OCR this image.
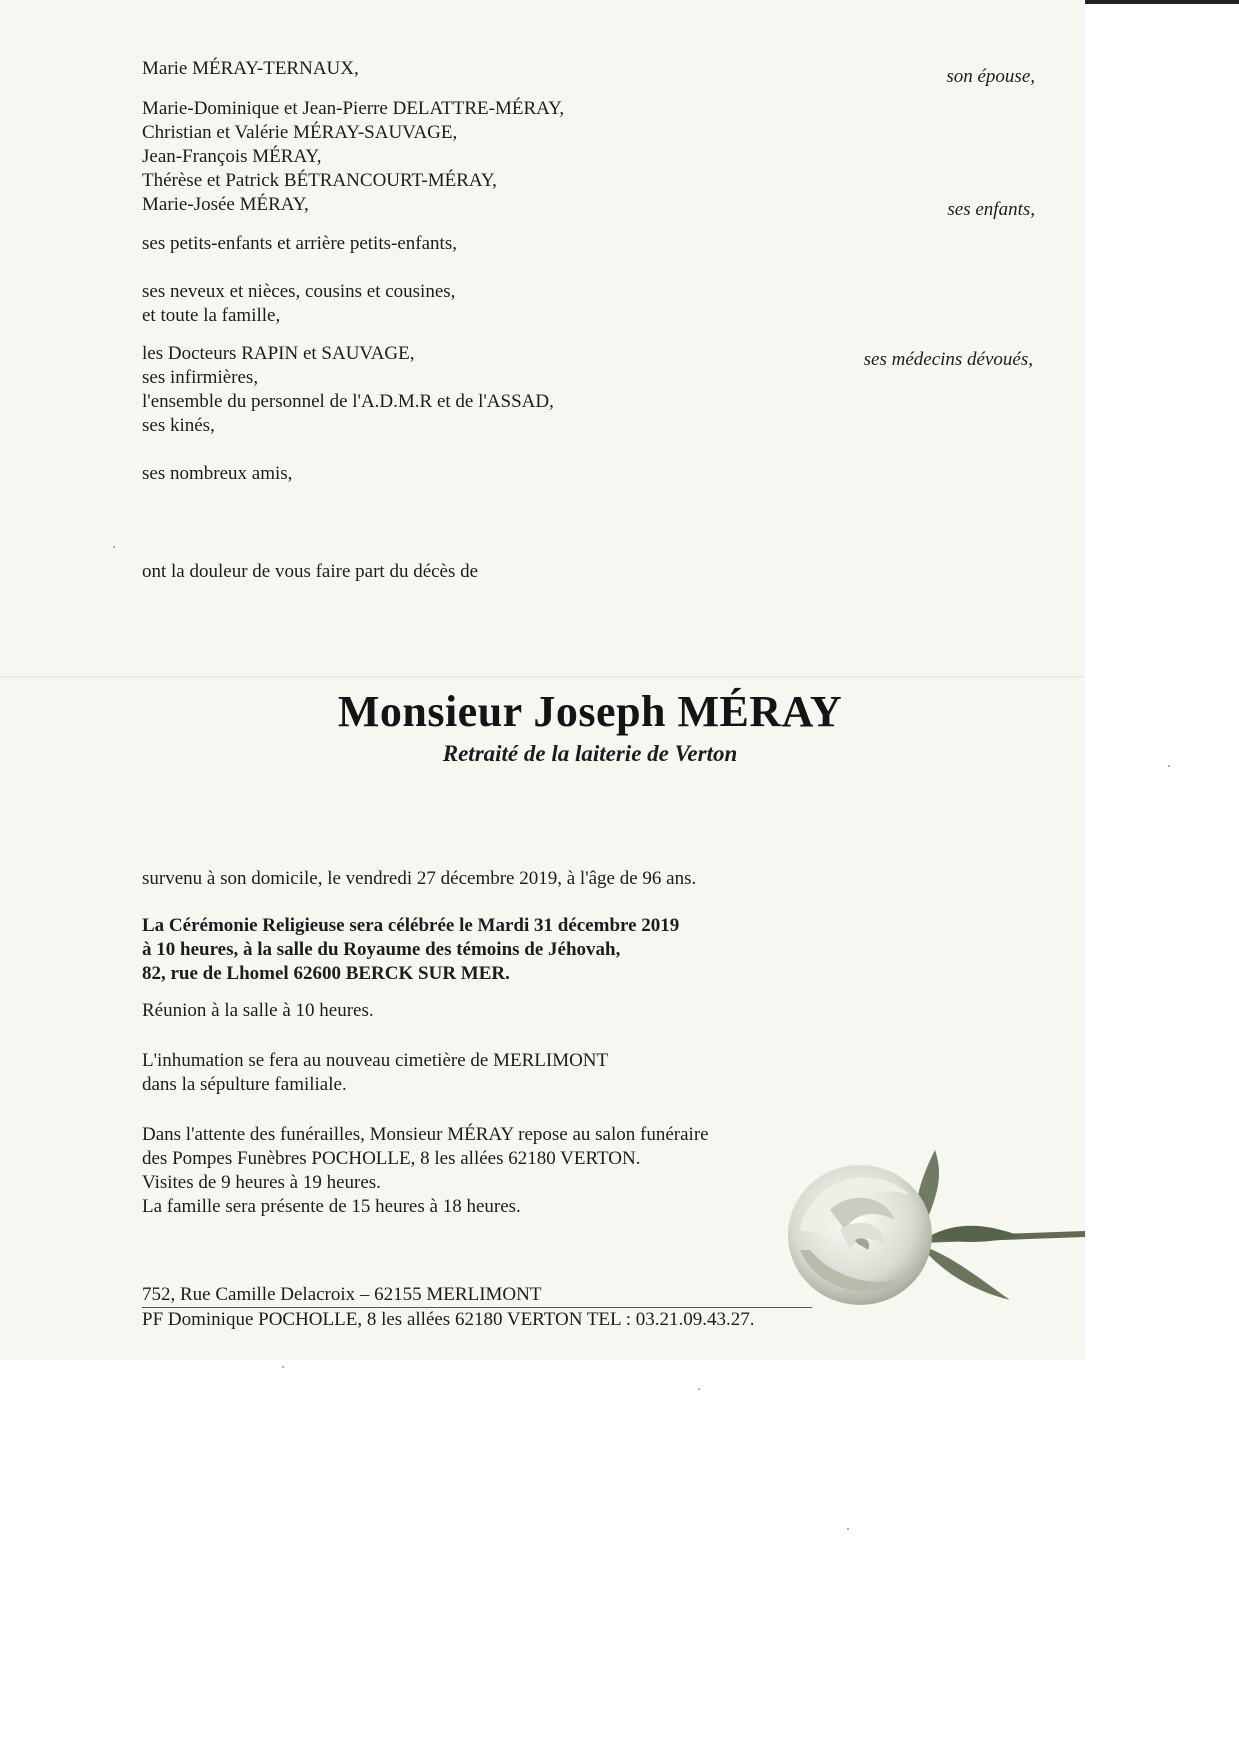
Marie MÉRAY-TERNAUX,	son épouse,

Marie-Dominique et Jean-Pierre DELATTRE-MÉRAY,

Christian et Valérie MÉRAY-SAUVAGE,

Jean-François MÉRAY,

Thérèse et Patrick BÉTRANCOURT-MÉRAY,

Marie-Josée MÉRAY,	ses enfants,

ses petits-enfants et arrière petits-enfants,

ses neveux et nièces, cousins et cousines,

et toute la famille,

les Docteurs RAPIN et SAUVAGE,

ses infirmières,

l'ensemble du personnel de l'A.D.M.R et de l'ASSAD,

ses kinés,

ses médecins dévoués,

ses nombreux amis,

ont la douleur de vous faire part du décès de

Monsieur Joseph MÉRAY

Retraité de la laiterie de Verton

survenu à son domicile, le vendredi 27 décembre 2019, à l'âge de 96 ans.

La Cérémonie Religieuse sera célébrée le Mardi 31 décembre 2019

à 10 heures, à la salle du Royaume des témoins de Jéhovah,

82, rue de Lhomel 62600 BERCK SUR MER.

Réunion à la salle à 10 heures.

L'inhumation se fera au nouveau cimetière de MERLIMONT

dans la sépulture familiale.

Dans l'attente des funérailles, Monsieur MÉRAY repose au salon funéraire

des Pompes Funèbres POCHOLLE, 8 les allées 62180 VERTON.

Visites de 9 heures à 19 heures.

La famille sera présente de 15 heures à 18 heures.

752, Rue Camille Delacroix – 62155 MERLIMONT

PF Dominique POCHOLLE, 8 les allées 62180 VERTON TEL : 03.21.09.43.27.
